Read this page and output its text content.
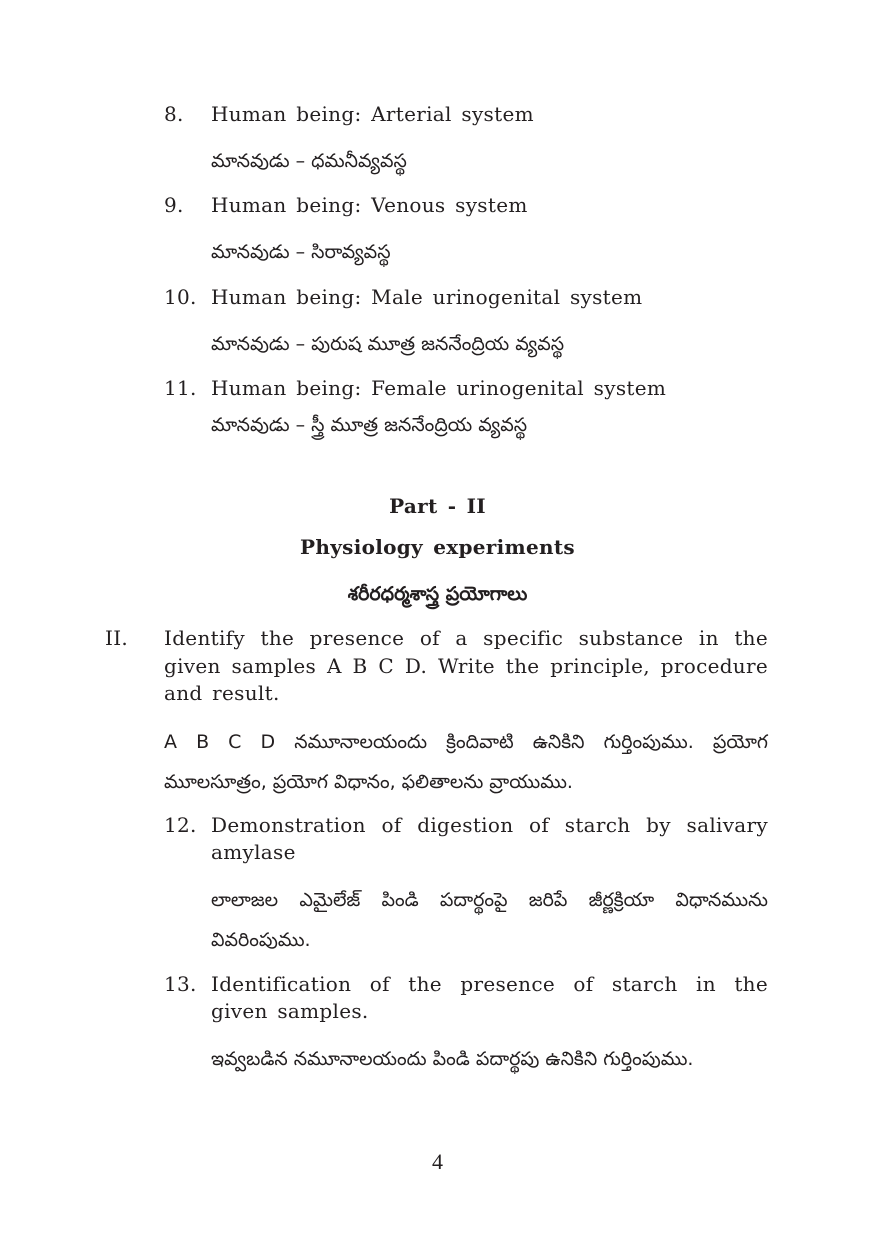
8. Human being: Arterial system
మానవుడు – ధమనీవ్యవస్థ
9. Human being: Venous system
మానవుడు – సిరావ్యవస్థ
10. Human being: Male urinogenital system
మానవుడు – పురుష మూత్ర జననేంద్రియ వ్యవస్థ
11. Human being: Female urinogenital system
మానవుడు – స్త్రీ మూత్ర జననేంద్రియ వ్యవస్థ
Part - II
Physiology experiments
శరీరధర్మశాస్త్ర ప్రయోగాలు
II. Identify the presence of a specific substance in the
given samples A B C D. Write the principle, procedure
and result.
A B C D నమూనాలయందు క్రిందివాటి ఉనికిని గుర్తింపుము. ప్రయోగ
మూలసూత్రం, ప్రయోగ విధానం, ఫలితాలను వ్రాయుము.
12. Demonstration of digestion of starch by salivary
amylase
లాలాజల ఎమైలేజ్ పిండి పదార్థంపై జరిపే జీర్ణక్రియా విధానమును
వివరింపుము.
13. Identification of the presence of starch in the
given samples.
ఇవ్వబడిన నమూనాలయందు పిండి పదార్థపు ఉనికిని గుర్తింపుము.
4
